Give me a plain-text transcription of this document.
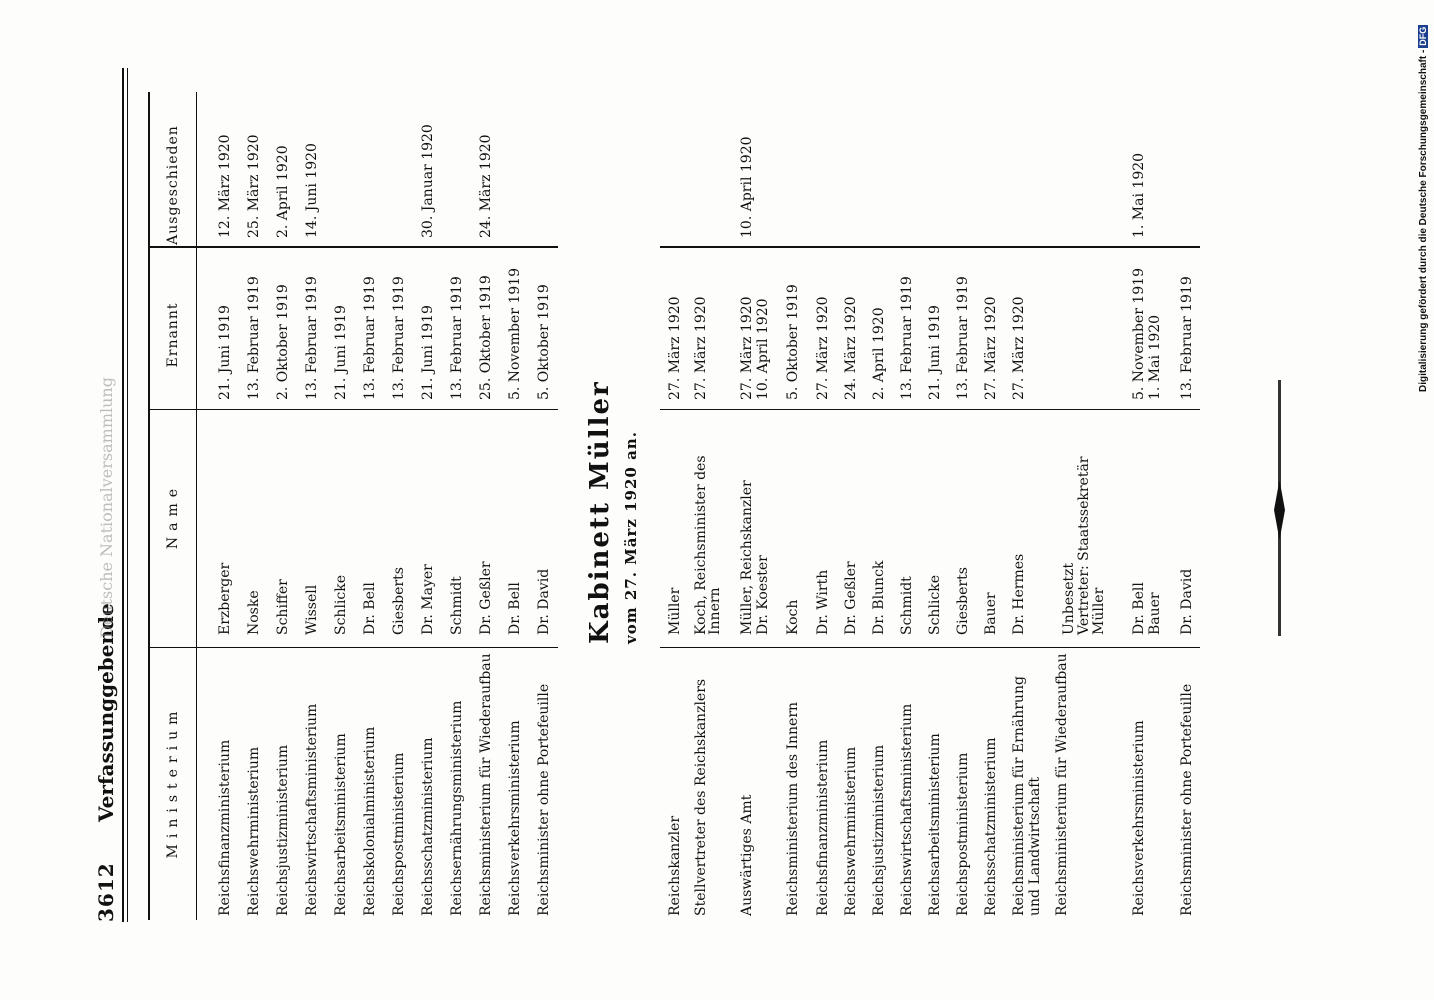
3612
Verfassunggebende
Deutsche Nationalversammlung
Ministerium
Name
Ernannt
Ausgeschieden
Reichsfinanzministerium
Erzberger
21. Juni 1919
12. März 1920
Reichswehrministerium
Noske
13. Februar 1919
25. März 1920
Reichsjustizministerium
Schiffer
2. Oktober 1919
2. April 1920
Reichswirtschaftsministerium
Wissell
13. Februar 1919
14. Juni 1920
Reichsarbeitsministerium
Schlicke
21. Juni 1919
Reichskolonialministerium
Dr. Bell
13. Februar 1919
Reichspostministerium
Giesberts
13. Februar 1919
Reichsschatzministerium
Dr. Mayer
21. Juni 1919
30. Januar 1920
Reichsernährungsministerium
Schmidt
13. Februar 1919
Reichsministerium für Wiederaufbau
Dr. Geßler
25. Oktober 1919
24. März 1920
Reichsverkehrsministerium
Dr. Bell
5. November 1919
Reichsminister ohne Portefeuille
Dr. David
5. Oktober 1919
Kabinett Müller vom 27. März 1920 an.
Reichskanzler
Müller
27. März 1920
Stellvertreter des Reichskanzlers
Koch, Reichsminister des
Innern
27. März 1920
Auswärtiges Amt
Müller, Reichskanzler Dr. Koester
27. März 1920 10. April 1920
10. April 1920
Reichsministerium des Innern
Koch
5. Oktober 1919
Reichsfinanzministerium
Dr. Wirth
27. März 1920
Reichswehrministerium
Dr. Geßler
24. März 1920
Reichsjustizministerium
Dr. Blunck
2. April 1920
Reichswirtschaftsministerium
Schmidt
13. Februar 1919
Reichsarbeitsministerium
Schlicke
21. Juni 1919
Reichspostministerium
Giesberts
13. Februar 1919
Reichsschatzministerium
Bauer
27. März 1920
Reichsministerium für Ernährung und Landwirtschaft
Dr. Hermes
27. März 1920
Reichsministerium für Wiederaufbau
Unbesetzt Vertreter: Staatssekretär Müller
Reichsverkehrsministerium
Dr. Bell Bauer
5. November 1919 1. Mai 1920
1. Mai 1920
Reichsminister ohne Portefeuille
Dr. David
13. Februar 1919	Digitalisierung gefördert durch die Deutsche Forschungsgemeinschaft -DFG
